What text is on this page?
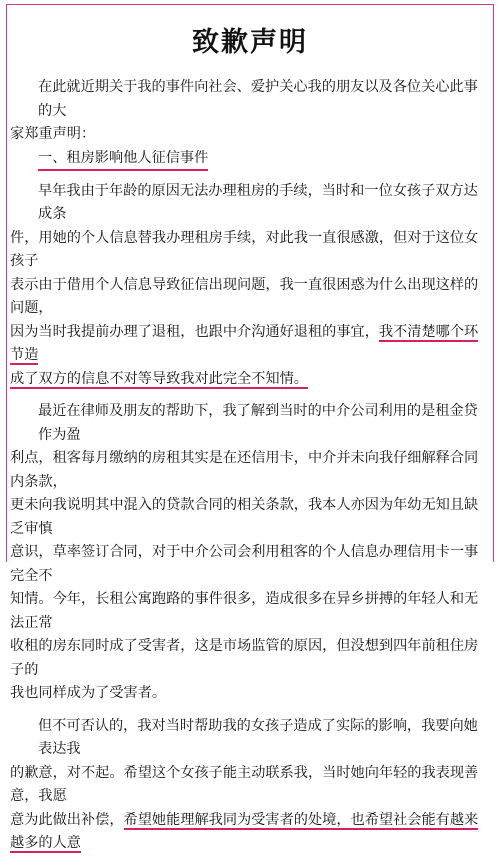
致歉声明
在此就近期关于我的事件向社会、爱护关心我的朋友以及各位关心此事的大
家郑重声明：
一、租房影响他人征信事件
早年我由于年龄的原因无法办理租房的手续，当时和一位女孩子双方达成条
件，用她的个人信息替我办理租房手续，对此我一直很感激，但对于这位女孩子
表示由于借用个人信息导致征信出现问题，我一直很困惑为什么出现这样的问题，
因为当时我提前办理了退租，也跟中介沟通好退租的事宜，我不清楚哪个环节造
成了双方的信息不对等导致我对此完全不知情。
最近在律师及朋友的帮助下，我了解到当时的中介公司利用的是租金贷作为盈
利点，租客每月缴纳的房租其实是在还信用卡，中介并未向我仔细解释合同内条款，
更未向我说明其中混入的贷款合同的相关条款，我本人亦因为年幼无知且缺乏审慎
意识，草率签订合同，对于中介公司会利用租客的个人信息办理信用卡一事完全不
知情。今年，长租公寓跑路的事件很多，造成很多在异乡拼搏的年轻人和无法正常
收租的房东同时成了受害者，这是市场监管的原因，但没想到四年前租住房子的
我也同样成为了受害者。
但不可否认的，我对当时帮助我的女孩子造成了实际的影响，我要向她表达我
的歉意，对不起。希望这个女孩子能主动联系我，当时她向年轻的我表现善意，我愿
意为此做出补偿，希望她能理解我同为受害者的处境，也希望社会能有越来越多的人意
